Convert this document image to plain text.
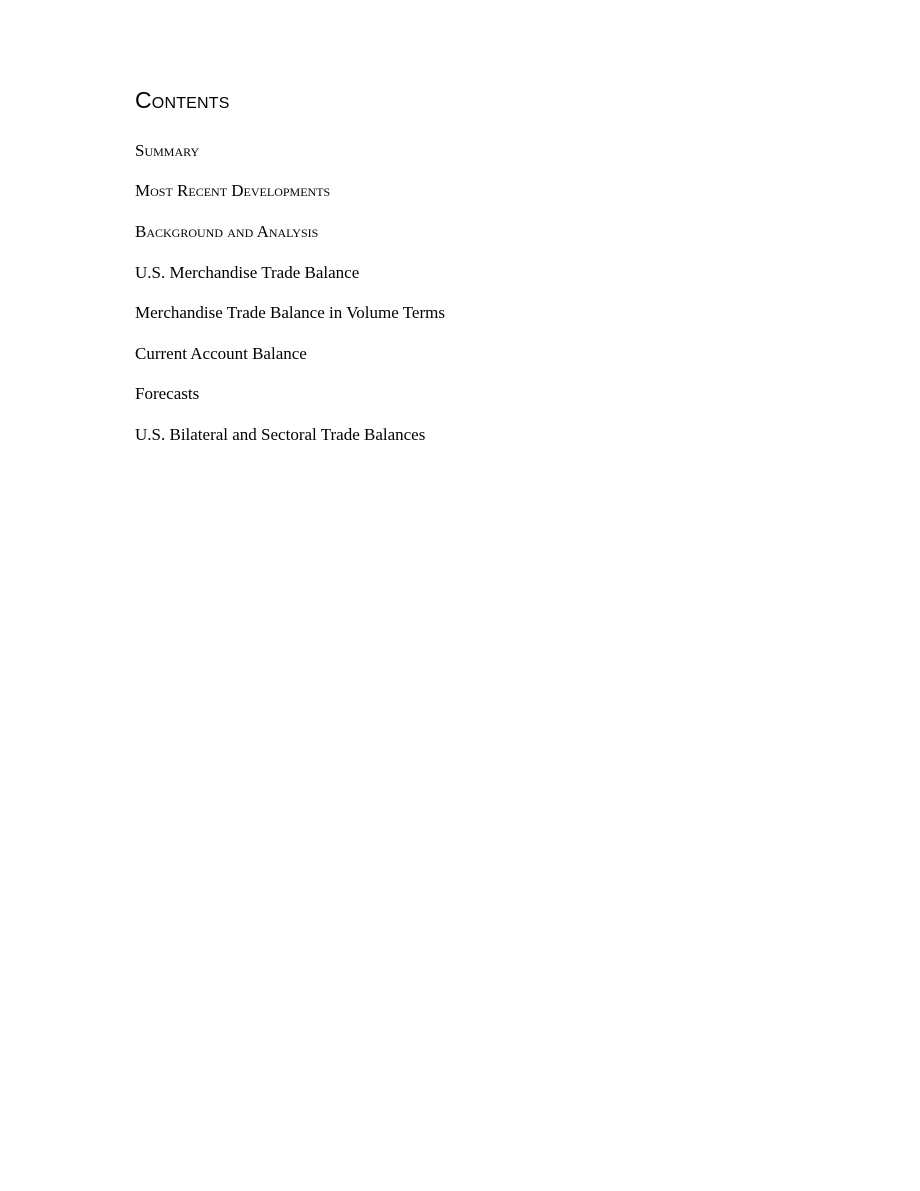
Contents
Summary
Most Recent Developments
Background and Analysis
U.S. Merchandise Trade Balance
Merchandise Trade Balance in Volume Terms
Current Account Balance
Forecasts
U.S. Bilateral and Sectoral Trade Balances
